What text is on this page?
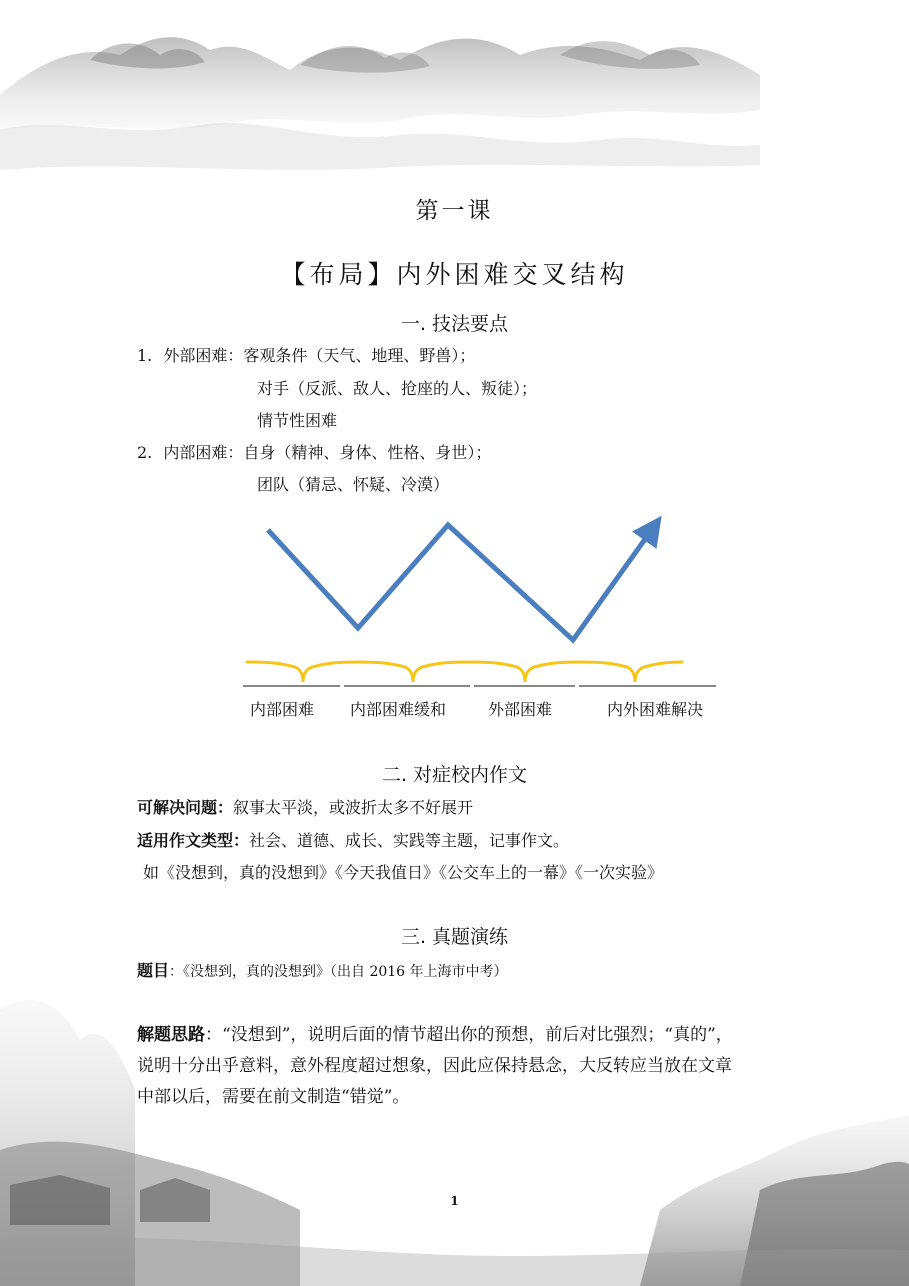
第一课
【布局】内外困难交叉结构
一. 技法要点
1. 外部困难：客观条件（天气、地理、野兽）；
对手（反派、敌人、抢座的人、叛徒）；
情节性困难
2. 内部困难：自身（精神、身体、性格、身世）；
团队（猜忌、怀疑、冷漠）
内部困难 内部困难缓和	外部困难	内外困难解决
二. 对症校内作文
可解决问题：叙事太平淡，或波折太多不好展开
适用作文类型：社会、道德、成长、实践等主题，记事作文。
如《没想到，真的没想到》《今天我值日》《公交车上的一幕》《一次实验》
三. 真题演练
题目：《没想到，真的没想到》（出自 2016 年上海市中考）
解题思路：“没想到”，说明后面的情节超出你的预想，前后对比强烈；“真的”，
说明十分出乎意料，意外程度超过想象，因此应保持悬念，大反转应当放在文章
中部以后，需要在前文制造“错觉”。
1
